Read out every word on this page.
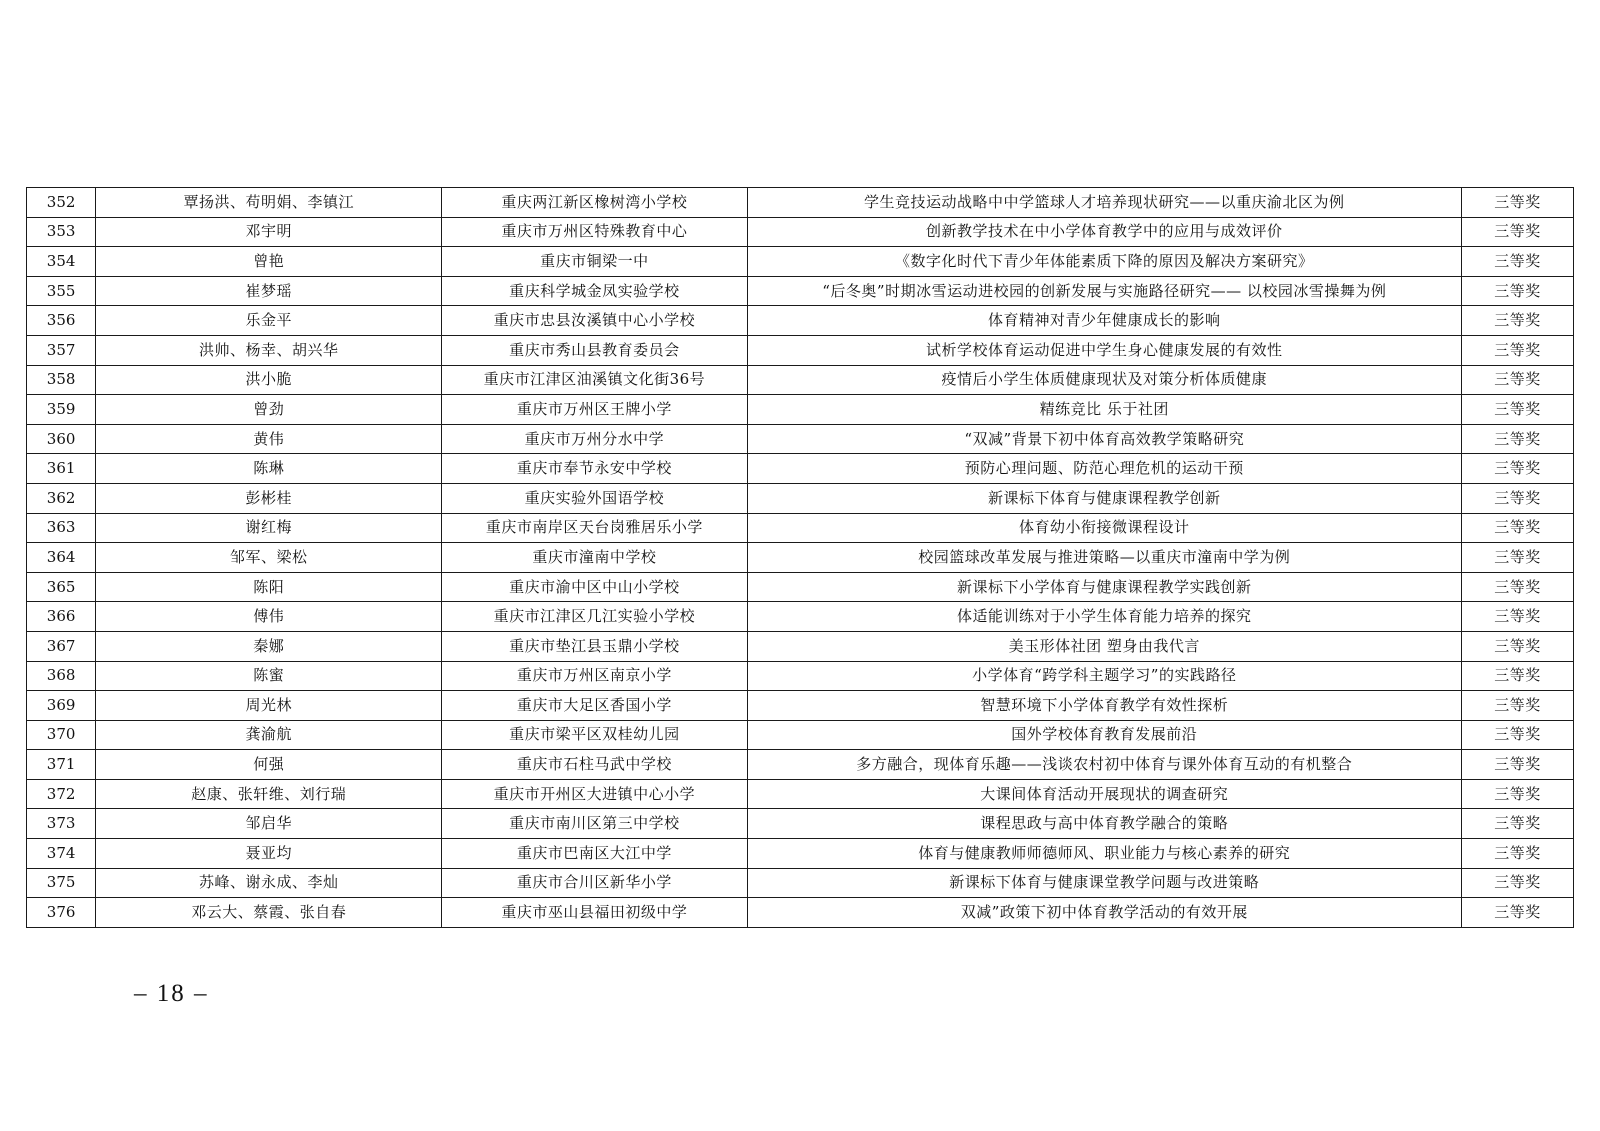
352	覃扬洪、苟明娟、李镇江	重庆两江新区橡树湾小学校	学生竞技运动战略中中学篮球人才培养现状研究——以重庆渝北区为例	三等奖
353	邓宇明	重庆市万州区特殊教育中心	创新教学技术在中小学体育教学中的应用与成效评价	三等奖
354	曾艳	重庆市铜梁一中	《数字化时代下青少年体能素质下降的原因及解决方案研究》	三等奖
355	崔梦瑶	重庆科学城金凤实验学校	“后冬奥”时期冰雪运动进校园的创新发展与实施路径研究—— 以校园冰雪操舞为例	三等奖
356	乐金平	重庆市忠县汝溪镇中心小学校	体育精神对青少年健康成长的影响	三等奖
357	洪帅、杨幸、胡兴华	重庆市秀山县教育委员会	试析学校体育运动促进中学生身心健康发展的有效性	三等奖
358	洪小脆	重庆市江津区油溪镇文化街36号	疫情后小学生体质健康现状及对策分析体质健康	三等奖
359	曾劲	重庆市万州区王牌小学	精练竞比 乐于社团	三等奖
360	黄伟	重庆市万州分水中学	“双减”背景下初中体育高效教学策略研究	三等奖
361	陈琳	重庆市奉节永安中学校	预防心理问题、防范心理危机的运动干预	三等奖
362	彭彬桂	重庆实验外国语学校	新课标下体育与健康课程教学创新	三等奖
363	谢红梅	重庆市南岸区天台岗雅居乐小学	体育幼小衔接微课程设计	三等奖
364	邹军、梁松	重庆市潼南中学校	校园篮球改革发展与推进策略—以重庆市潼南中学为例	三等奖
365	陈阳	重庆市渝中区中山小学校	新课标下小学体育与健康课程教学实践创新	三等奖
366	傅伟	重庆市江津区几江实验小学校	体适能训练对于小学生体育能力培养的探究	三等奖
367	秦娜	重庆市垫江县玉鼎小学校	美玉形体社团 塑身由我代言	三等奖
368	陈蜜	重庆市万州区南京小学	小学体育“跨学科主题学习”的实践路径	三等奖
369	周光林	重庆市大足区香国小学	智慧环境下小学体育教学有效性探析	三等奖
370	龚渝航	重庆市梁平区双桂幼儿园	国外学校体育教育发展前沿	三等奖
371	何强	重庆市石柱马武中学校	多方融合，现体育乐趣——浅谈农村初中体育与课外体育互动的有机整合	三等奖
372	赵康、张轩维、刘行瑞	重庆市开州区大进镇中心小学	大课间体育活动开展现状的调查研究	三等奖
373	邹启华	重庆市南川区第三中学校	课程思政与高中体育教学融合的策略	三等奖
374	聂亚均	重庆市巴南区大江中学	体育与健康教师师德师风、职业能力与核心素养的研究	三等奖
375	苏峰、谢永成、李灿	重庆市合川区新华小学	新课标下体育与健康课堂教学问题与改进策略	三等奖
376	邓云大、蔡霞、张自春	重庆市巫山县福田初级中学	双减”政策下初中体育教学活动的有效开展	三等奖
– 18 –
